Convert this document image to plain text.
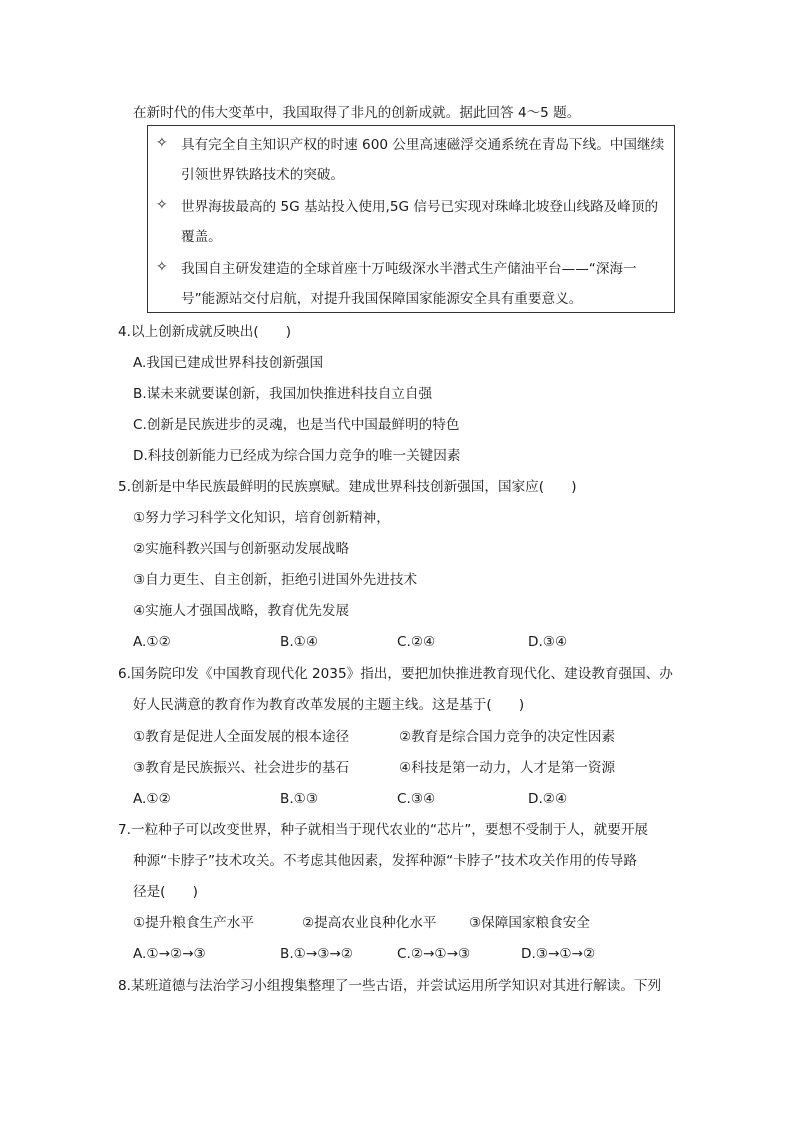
在新时代的伟大变革中，我国取得了非凡的创新成就。据此回答 4～5 题。
✧ 具有完全自主知识产权的时速 600 公里高速磁浮交通系统在青岛下线。中国继续
引领世界铁路技术的突破。
✧ 世界海拔最高的 5G 基站投入使用,5G 信号已实现对珠峰北坡登山线路及峰顶的
覆盖。
✧ 我国自主研发建造的全球首座十万吨级深水半潜式生产储油平台——“深海一
号”能源站交付启航，对提升我国保障国家能源安全具有重要意义。
4.以上创新成就反映出(　　)
A.我国已建成世界科技创新强国
B.谋未来就要谋创新，我国加快推进科技自立自强
C.创新是民族进步的灵魂，也是当代中国最鲜明的特色
D.科技创新能力已经成为综合国力竞争的唯一关键因素
5.创新是中华民族最鲜明的民族禀赋。建成世界科技创新强国，国家应(　　)
①努力学习科学文化知识，培育创新精神，
②实施科教兴国与创新驱动发展战略
③自力更生、自主创新，拒绝引进国外先进技术
④实施人才强国战略，教育优先发展
A.①②	B.①④	C.②④	D.③④
6.国务院印发《中国教育现代化 2035》指出，要把加快推进教育现代化、建设教育强国、办
好人民满意的教育作为教育改革发展的主题主线。这是基于(　　)
①教育是促进人全面发展的根本途径	②教育是综合国力竞争的决定性因素
③教育是民族振兴、社会进步的基石	④科技是第一动力，人才是第一资源
A.①②	B.①③	C.③④	D.②④
7.一粒种子可以改变世界，种子就相当于现代农业的“芯片”，要想不受制于人，就要开展
种源“卡脖子”技术攻关。不考虑其他因素，发挥种源“卡脖子”技术攻关作用的传导路
径是(　　)
①提升粮食生产水平	②提高农业良种化水平 ③保障国家粮食安全
A.①→②→③	B.①→③→②	C.②→①→③	D.③→①→②
8.某班道德与法治学习小组搜集整理了一些古语，并尝试运用所学知识对其进行解读。下列
